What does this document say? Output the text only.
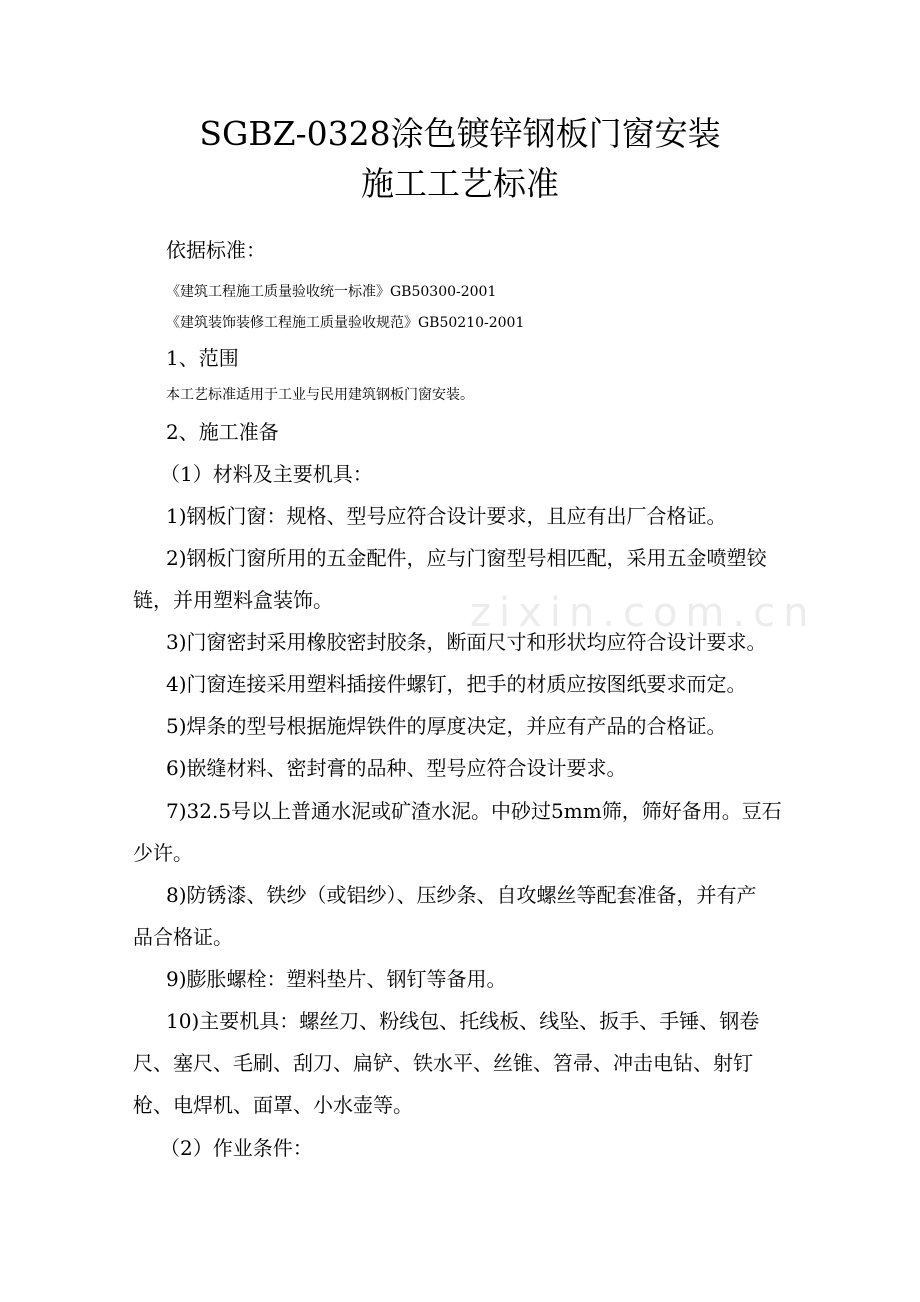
SGBZ-0328涂色镀锌钢板门窗安装
施工工艺标准
依据标准：
《建筑工程施工质量验收统一标准》GB50300-2001
《建筑装饰装修工程施工质量验收规范》GB50210-2001
1、范围
本工艺标准适用于工业与民用建筑钢板门窗安装。
2、施工准备
（1）材料及主要机具：
1)钢板门窗：规格、型号应符合设计要求，且应有出厂合格证。
2)钢板门窗所用的五金配件，应与门窗型号相匹配，采用五金喷塑铰
链，并用塑料盒装饰。
3)门窗密封采用橡胶密封胶条，断面尺寸和形状均应符合设计要求。
4)门窗连接采用塑料插接件螺钉，把手的材质应按图纸要求而定。
5)焊条的型号根据施焊铁件的厚度决定，并应有产品的合格证。
6)嵌缝材料、密封膏的品种、型号应符合设计要求。
7)32.5号以上普通水泥或矿渣水泥。中砂过5mm筛，筛好备用。豆石
少许。
8)防锈漆、铁纱（或铝纱）、压纱条、自攻螺丝等配套准备，并有产
品合格证。
9)膨胀螺栓：塑料垫片、钢钉等备用。
10)主要机具：螺丝刀、粉线包、托线板、线坠、扳手、手锤、钢卷
尺、塞尺、毛刷、刮刀、扁铲、铁水平、丝锥、笤帚、冲击电钻、射钉
枪、电焊机、面罩、小水壶等。
（2）作业条件：
zixin.com.cn
